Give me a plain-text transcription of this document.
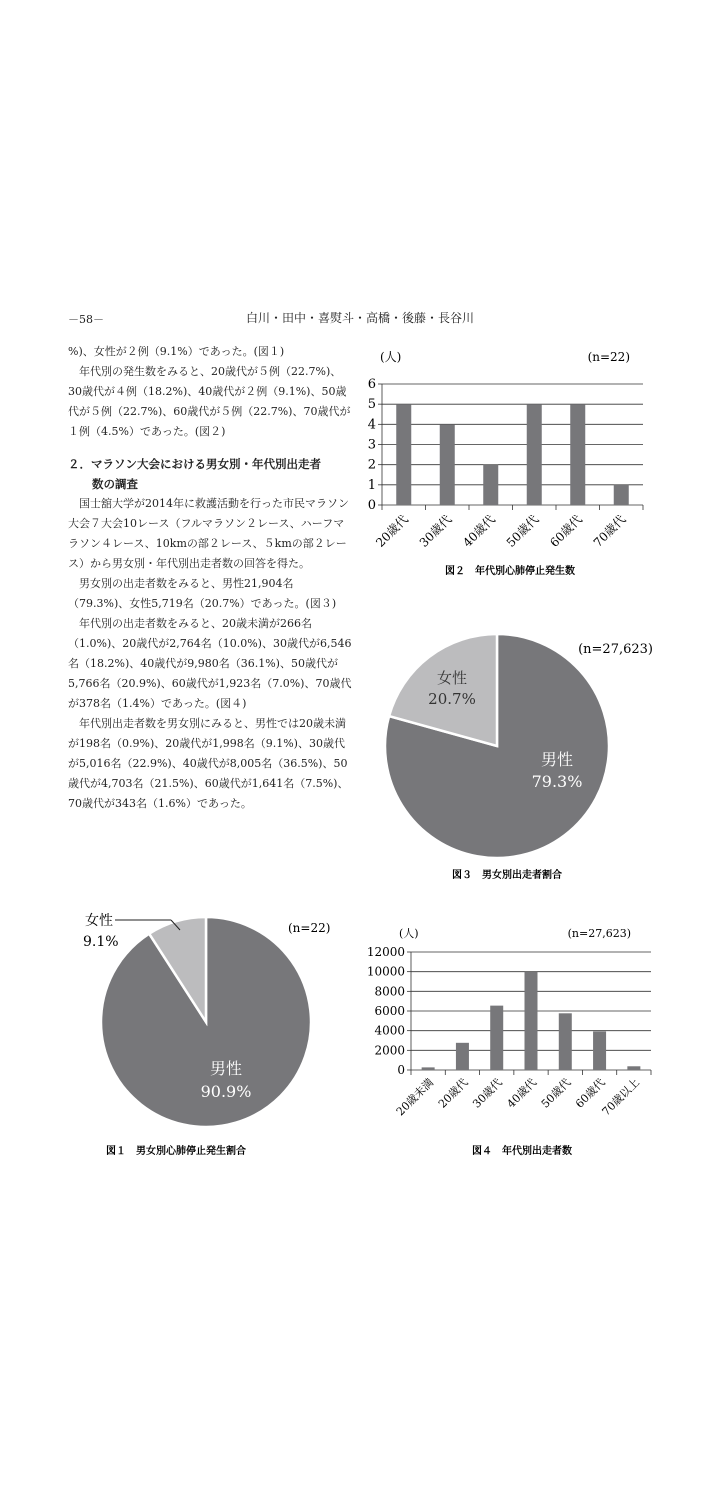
－58－	白川・田中・喜熨斗・高橋・後藤・長谷川

%)、女性が２例（9.1%）であった。(図１)

年代別の発生数をみると、20歳代が５例（22.7%)、30歳代が４例（18.2%)、40歳代が２例（9.1%)、50歳代が５例（22.7%)、60歳代が５例（22.7%)、70歳代が１例（4.5%）であった。(図２)

２．マラソン大会における男女別・年代別出走者
数の調査

国士舘大学が2014年に救護活動を行った市民マラソン大会７大会10レース（フルマラソン２レース、ハーフマラソン４レース、10kmの部２レース、５kmの部２レース）から男女別・年代別出走者数の回答を得た。

男女別の出走者数をみると、男性21,904名（79.3%)、女性5,719名（20.7%）であった。(図３)

年代別の出走者数をみると、20歳未満が266名（1.0%)、20歳代が2,764名（10.0%)、30歳代が6,546名（18.2%)、40歳代が9,980名（36.1%)、50歳代が5,766名（20.9%)、60歳代が1,923名（7.0%)、70歳代が378名（1.4%）であった。(図４)

年代別出走者数を男女別にみると、男性では20歳未満が198名（0.9%)、20歳代が1,998名（9.1%)、30歳代が5,016名（22.9%)、40歳代が8,005名（36.5%)、50歳代が4,703名（21.5%)、60歳代が1,641名（7.5%)、70歳代が343名（1.6%）であった。

(人)	(n=22)
0
1
2
3
4
5
6
20歳代 30歳代 40歳代 50歳代 60歳代 70歳代
図２　年代別心肺停止発生数
(n=27,623)
女性
20.7%
男性
79.3%
図３　男女別出走者割合
女性
9.1%
(n=22)
男性
90.9%
図１　男女別心肺停止発生割合
(人)	(n=27,623)
0
2000
4000
6000
8000
10000
12000
20歳未満 20歳代 30歳代 40歳代 50歳代 60歳代
70歳以上
図４　年代別出走者数
